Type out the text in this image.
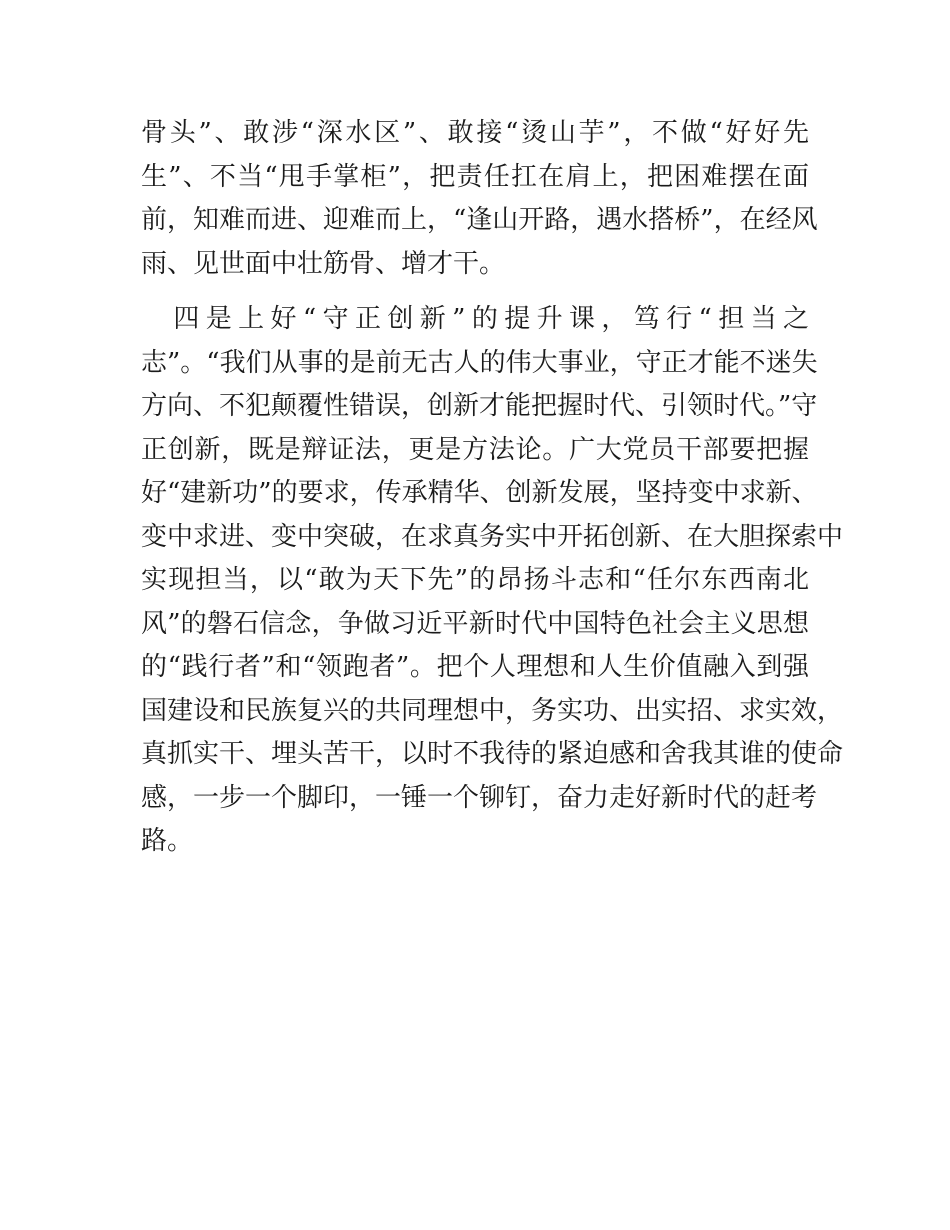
骨头”、敢涉“深水区”、敢接“烫山芋”，不做“好好先
生”、不当“甩手掌柜”，把责任扛在肩上，把困难摆在面
前，知难而进、迎难而上，“逢山开路，遇水搭桥”，在经风
雨、见世面中壮筋骨、增才干。
　四是上好“守正创新”的提升课，笃行“担当之
志”。“我们从事的是前无古人的伟大事业，守正才能不迷失
方向、不犯颠覆性错误，创新才能把握时代、引领时代。”守
正创新，既是辩证法，更是方法论。广大党员干部要把握
好“建新功”的要求，传承精华、创新发展，坚持变中求新、
变中求进、变中突破，在求真务实中开拓创新、在大胆探索中
实现担当，以“敢为天下先”的昂扬斗志和“任尔东西南北
风”的磐石信念，争做习近平新时代中国特色社会主义思想
的“践行者”和“领跑者”。把个人理想和人生价值融入到强
国建设和民族复兴的共同理想中，务实功、出实招、求实效，
真抓实干、埋头苦干，以时不我待的紧迫感和舍我其谁的使命
感，一步一个脚印，一锤一个铆钉，奋力走好新时代的赶考
路。
